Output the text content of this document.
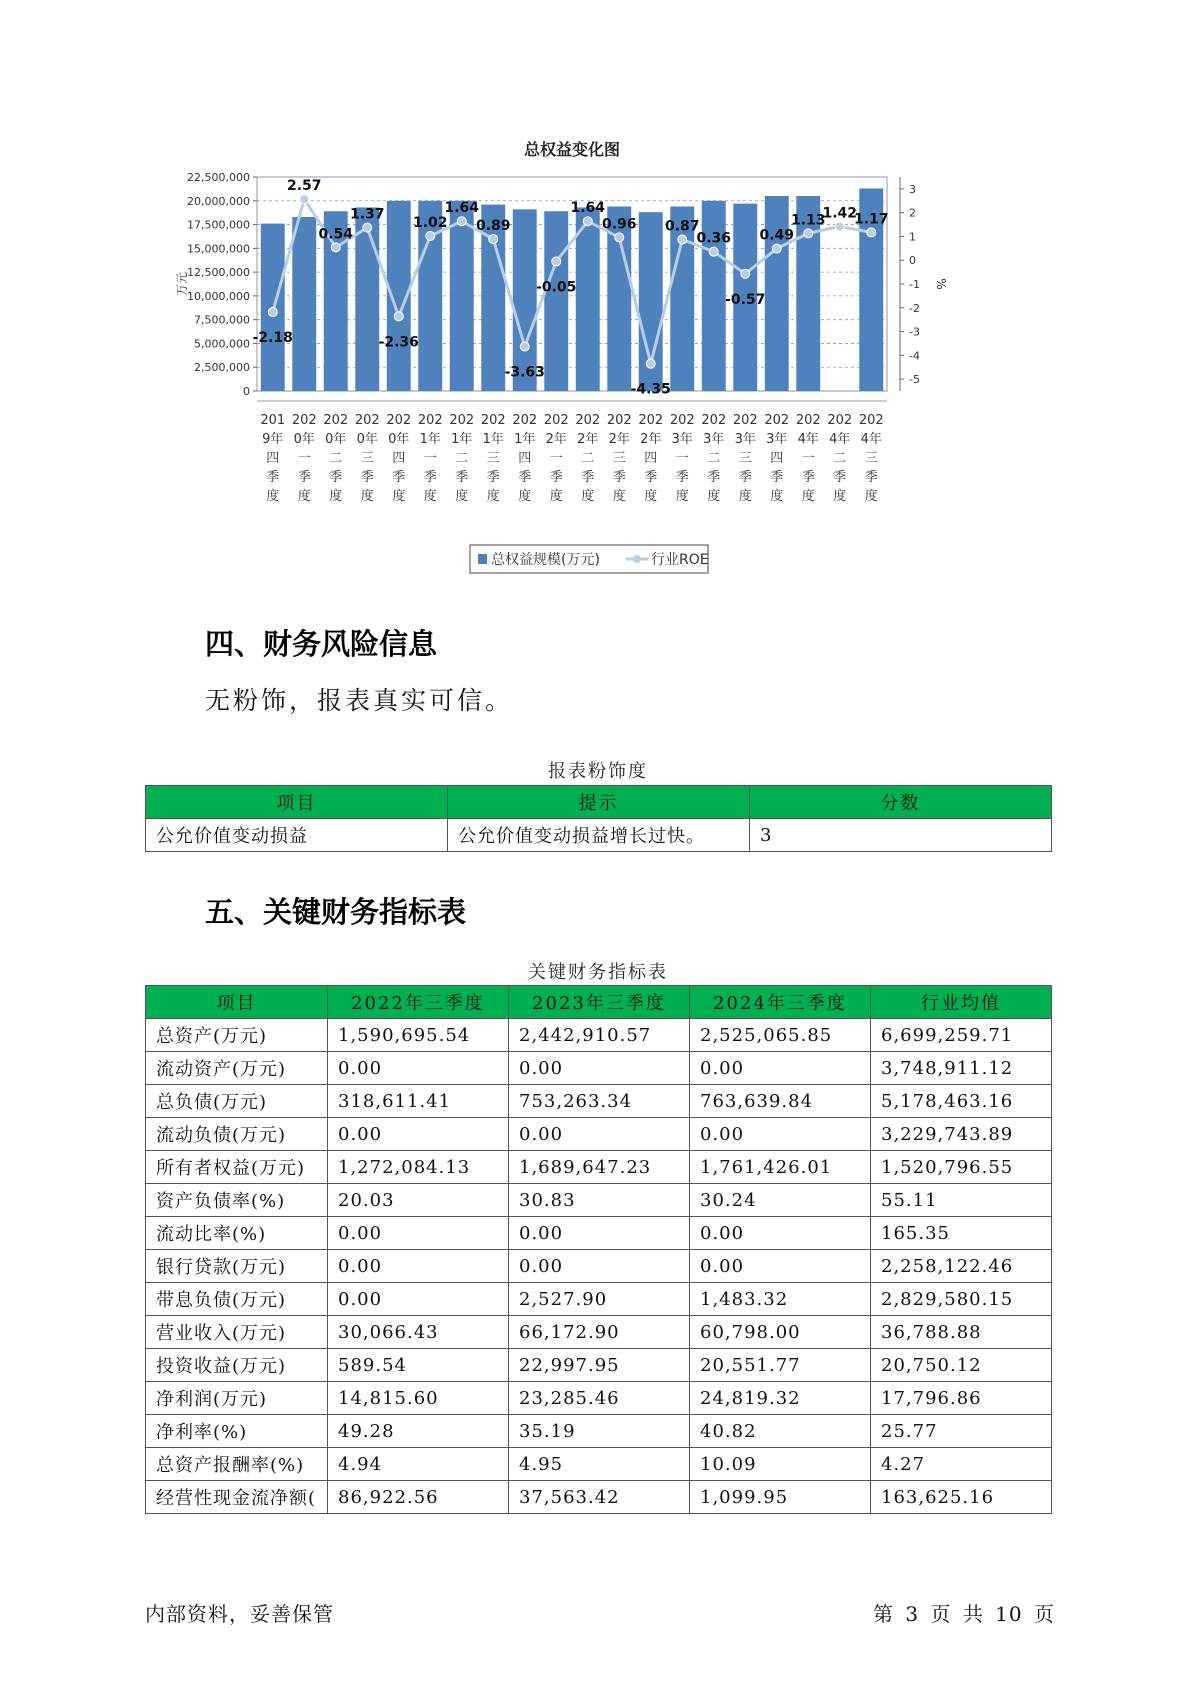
总权益变化图
0
2,500,000
5,000,000
7,500,000
10,000,000
12,500,000
15,000,000
17,500,000
20,000,000
22,500,000
3
2
1
0
-1
-2
-3
-4
-5
万元	%
-2.18
2.57
0.54
1.37
-2.36
1.02
1.64
0.89
-3.63
-0.05
1.64
0.96
-4.35
0.87
0.36
-0.57
0.49
1.13
1.42
1.17
201
9年
四
季
度
202
0年
一
季
度
202
0年
二
季
度
202
0年
三
季
度
202
0年
四
季
度
202
1年
一
季
度
202
1年
二
季
度
202
1年
三
季
度
202
1年
四
季
度
202
2年
一
季
度
202
2年
二
季
度
202
2年
三
季
度
202
2年
四
季
度
202
3年
一
季
度
202
3年
二
季
度
202
3年
三
季
度
202
3年
四
季
度
202
4年
一
季
度
202
4年
二
季
度
202
4年
三
季
度
总权益规模(万元)	行业ROE
四、财务风险信息
无粉饰，报表真实可信。
报表粉饰度
项目	提示	分数
公允价值变动损益	公允价值变动损益增长过快。	3
五、关键财务指标表
关键财务指标表
项目	2022年三季度	2023年三季度	2024年三季度	行业均值
总资产(万元)	1,590,695.54	2,442,910.57	2,525,065.85	6,699,259.71
流动资产(万元)	0.00	0.00	0.00	3,748,911.12
总负债(万元)	318,611.41	753,263.34	763,639.84	5,178,463.16
流动负债(万元)	0.00	0.00	0.00	3,229,743.89
所有者权益(万元)	1,272,084.13	1,689,647.23	1,761,426.01	1,520,796.55
资产负债率(%)	20.03	30.83	30.24	55.11
流动比率(%)	0.00	0.00	0.00	165.35
银行贷款(万元)	0.00	0.00	0.00	2,258,122.46
带息负债(万元)	0.00	2,527.90	1,483.32	2,829,580.15
营业收入(万元)	30,066.43	66,172.90	60,798.00	36,788.88
投资收益(万元)	589.54	22,997.95	20,551.77	20,750.12
净利润(万元)	14,815.60	23,285.46	24,819.32	17,796.86
净利率(%)	49.28	35.19	40.82	25.77
总资产报酬率(%)	4.94	4.95	10.09	4.27
经营性现金流净额(	86,922.56	37,563.42	1,099.95	163,625.16
内部资料，妥善保管	第 3 页 共 10 页
